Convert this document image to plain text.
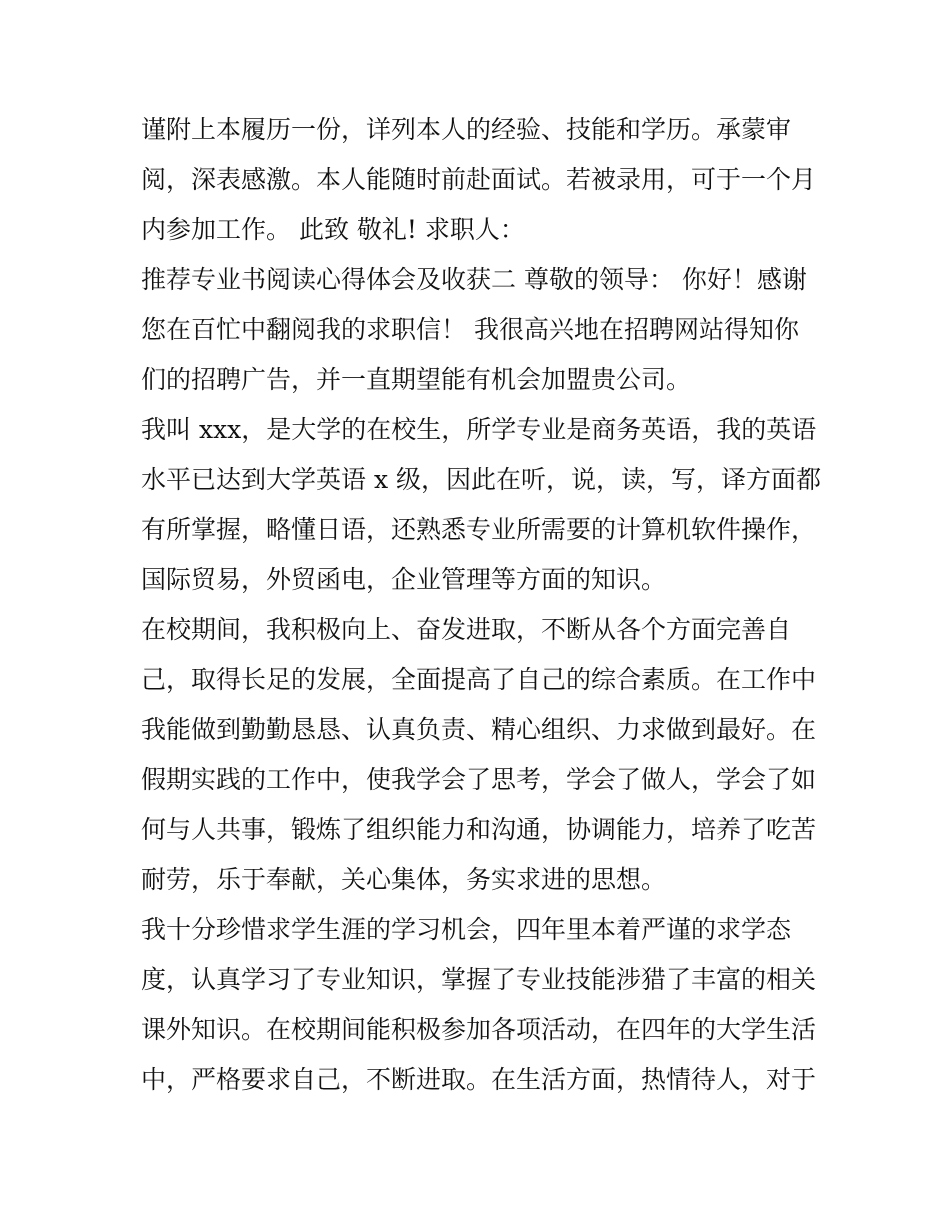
谨附上本履历一份，详列本人的经验、技能和学历。承蒙审
阅，深表感激。本人能随时前赴面试。若被录用，可于一个月
内参加工作。 此致 敬礼! 求职人：
推荐专业书阅读心得体会及收获二 尊敬的领导： 你好！感谢
您在百忙中翻阅我的求职信！ 我很高兴地在招聘网站得知你
们的招聘广告，并一直期望能有机会加盟贵公司。
我叫 xxx，是大学的在校生，所学专业是商务英语，我的英语
水平已达到大学英语 x 级，因此在听，说，读，写，译方面都
有所掌握，略懂日语，还熟悉专业所需要的计算机软件操作，
国际贸易，外贸函电，企业管理等方面的知识。
在校期间，我积极向上、奋发进取，不断从各个方面完善自
己，取得长足的发展，全面提高了自己的综合素质。在工作中
我能做到勤勤恳恳、认真负责、精心组织、力求做到最好。在
假期实践的工作中，使我学会了思考，学会了做人，学会了如
何与人共事，锻炼了组织能力和沟通，协调能力，培养了吃苦
耐劳，乐于奉献，关心集体，务实求进的思想。
我十分珍惜求学生涯的学习机会，四年里本着严谨的求学态
度，认真学习了专业知识，掌握了专业技能涉猎了丰富的相关
课外知识。在校期间能积极参加各项活动，在四年的大学生活
中，严格要求自己，不断进取。在生活方面，热情待人，对于
